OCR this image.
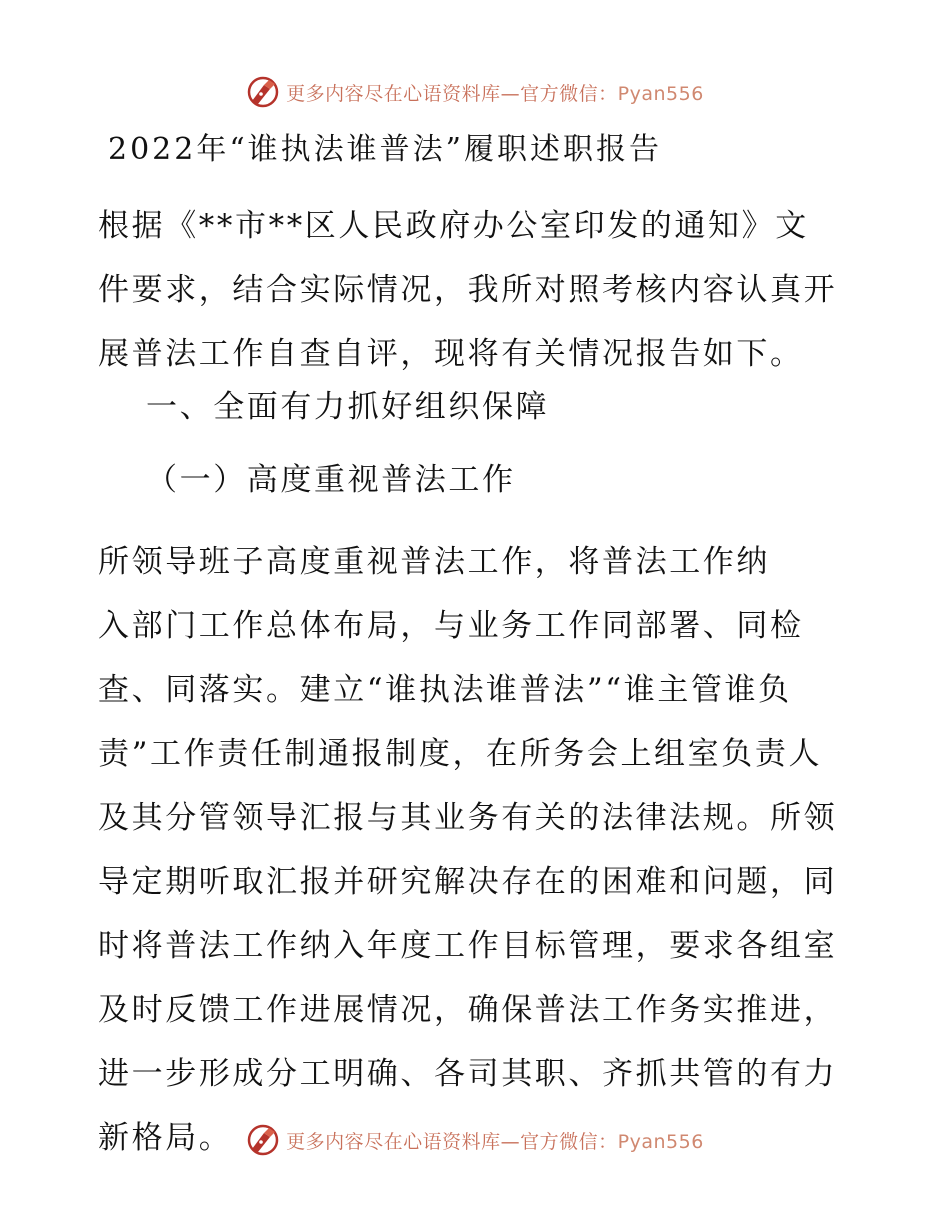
更多内容尽在心语资料库—官方微信：Pyan556
2022年“谁执法谁普法”履职述职报告

根据《**市**区人民政府办公室印发的通知》文
件要求，结合实际情况，我所对照考核内容认真开
展普法工作自查自评，现将有关情况报告如下。

一、全面有力抓好组织保障
（一）高度重视普法工作

所领导班子高度重视普法工作，将普法工作纳
入部门工作总体布局，与业务工作同部署、同检
查、同落实。建立“谁执法谁普法”“谁主管谁负
责”工作责任制通报制度，在所务会上组室负责人
及其分管领导汇报与其业务有关的法律法规。所领
导定期听取汇报并研究解决存在的困难和问题，同
时将普法工作纳入年度工作目标管理，要求各组室
及时反馈工作进展情况，确保普法工作务实推进，
进一步形成分工明确、各司其职、齐抓共管的有力
新格局。	更多内容尽在心语资料库—官方微信：Pyan556
